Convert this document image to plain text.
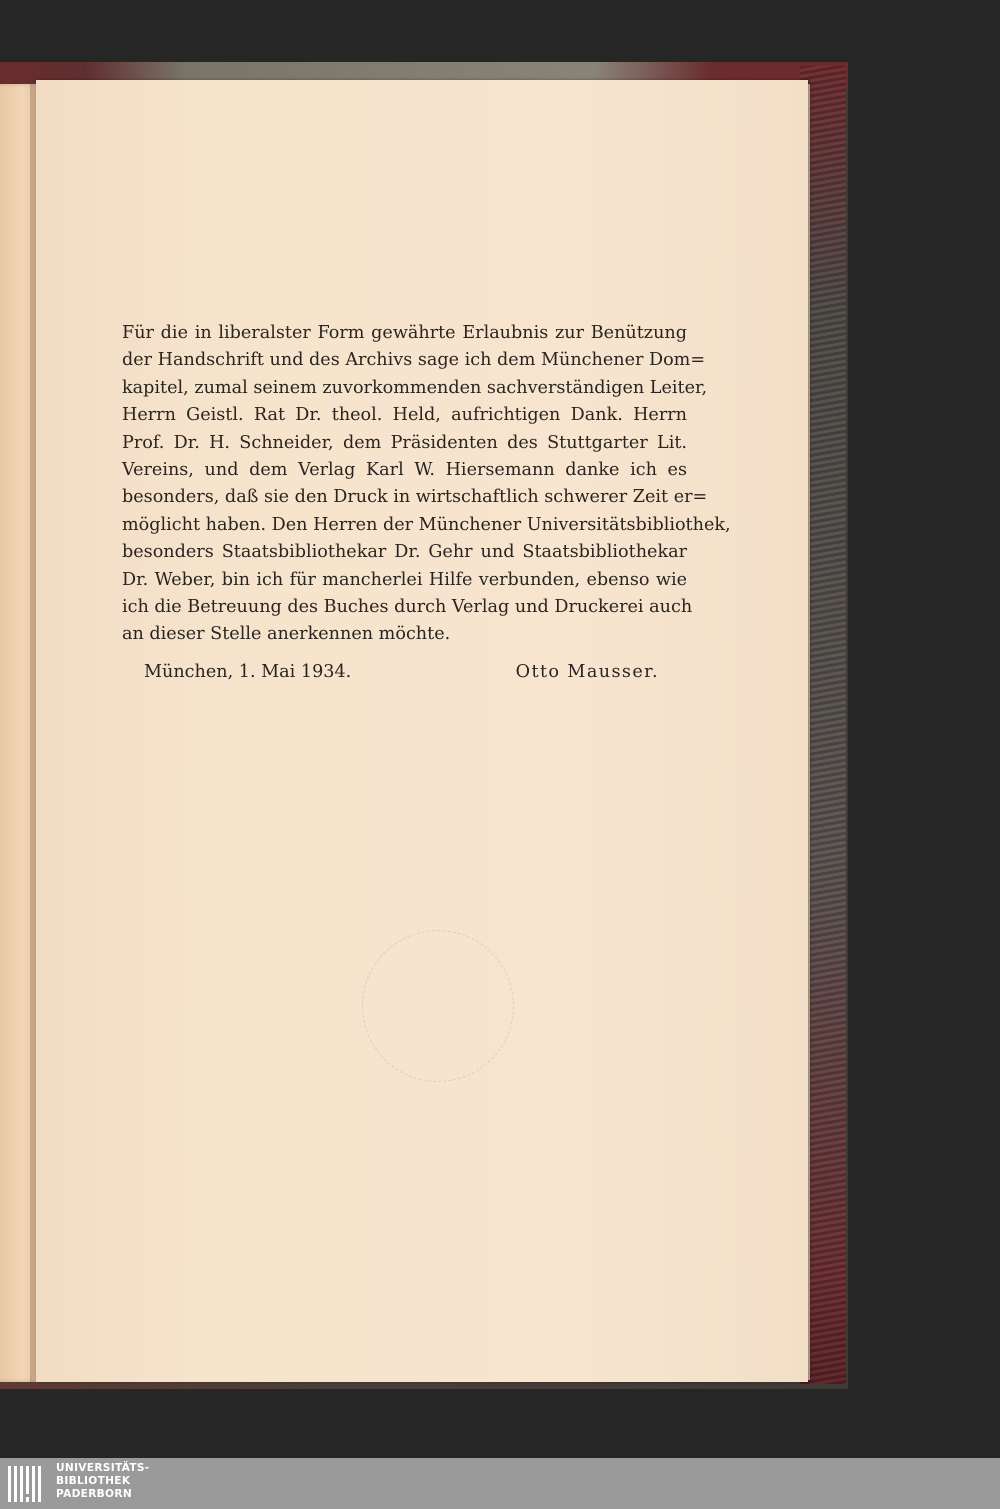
Für die in liberalster Form gewährte Erlaubnis zur Benützung
der Handschrift und des Archivs sage ich dem Münchener Dom=
kapitel, zumal seinem zuvorkommenden sachverständigen Leiter,
Herrn Geistl. Rat Dr. theol. Held, aufrichtigen Dank. Herrn
Prof. Dr. H. Schneider, dem Präsidenten des Stuttgarter Lit.
Vereins, und dem Verlag Karl W. Hiersemann danke ich es
besonders, daß sie den Druck in wirtschaftlich schwerer Zeit er=
möglicht haben. Den Herren der Münchener Universitätsbibliothek,
besonders Staatsbibliothekar Dr. Gehr und Staatsbibliothekar
Dr. Weber, bin ich für mancherlei Hilfe verbunden, ebenso wie
ich die Betreuung des Buches durch Verlag und Druckerei auch
an dieser Stelle anerkennen möchte.
München, 1. Mai 1934.	Otto Mausser.
UNIVERSITÄTS-
BIBLIOTHEK
PADERBORN
